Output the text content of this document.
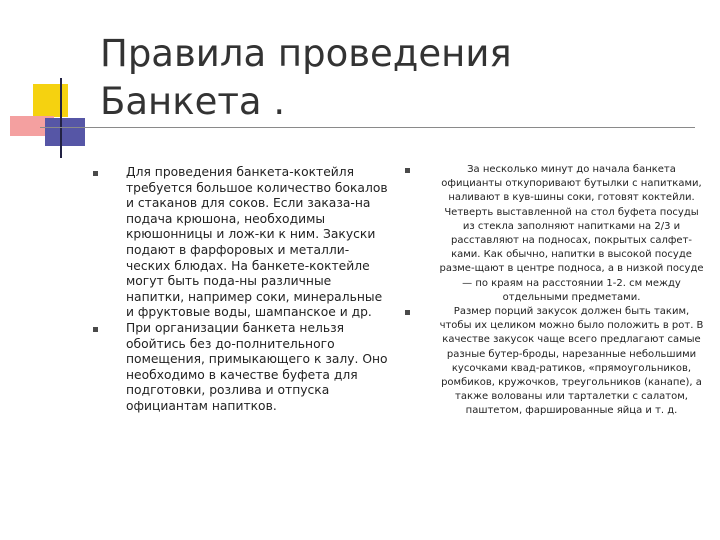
Правила проведения
Банкета .
Для проведения банкета-коктейля требуется большое количество бокалов и стаканов для соков. Если заказа-на подача крюшона, необходимы крюшонницы и лож-ки к ним. Закуски подают в фарфоровых и металли-ческих блюдах. На банкете-коктейле могут быть пода-ны различные напитки, например соки, минеральные и фруктовые воды, шампанское и др.
При организации банкета нельзя обойтись без до-полнительного помещения, примыкающего к залу. Оно необходимо в качестве буфета для подготовки, розлива и отпуска официантам напитков.
За несколько минут до начала банкета официанты откупоривают бутылки с напитками, наливают в кув-шины соки, готовят коктейли. Четверть выставленной на стол буфета посуды из стекла заполняют напитками на 2/3 и расставляют на подносах, покрытых салфет-ками. Как обычно, напитки в высокой посуде разме-щают в центре подноса, а в низкой посуде — по краям на расстоянии 1-2. см между отдельными предметами.
Размер порций закусок должен быть таким, чтобы их целиком можно было положить в рот. В качестве закусок чаще всего предлагают самые разные бутер-броды, нарезанные небольшими кусочками квад-ратиков, «прямоугольников, ромбиков, кружочков, треугольников (канапе), а также волованы или тарталетки с салатом, паштетом, фаршированные яйца и т. д.
